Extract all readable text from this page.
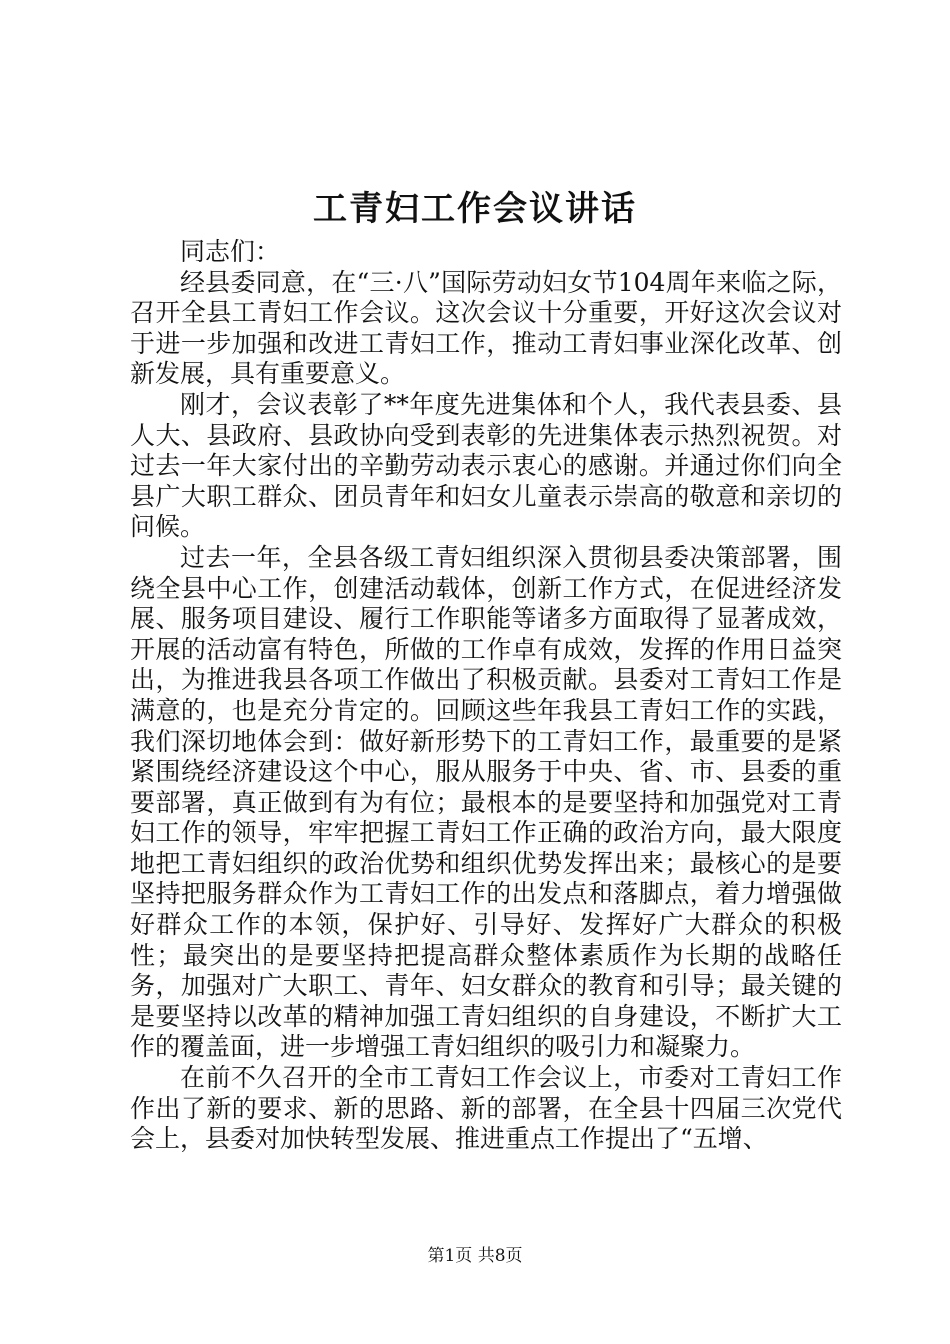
工青妇工作会议讲话

同志们：

经县委同意，在“三·八”国际劳动妇女节104周年来临之际，召开全县工青妇工作会议。这次会议十分重要，开好这次会议对于进一步加强和改进工青妇工作，推动工青妇事业深化改革、创新发展，具有重要意义。

刚才，会议表彰了**年度先进集体和个人，我代表县委、县人大、县政府、县政协向受到表彰的先进集体表示热烈祝贺。对过去一年大家付出的辛勤劳动表示衷心的感谢。并通过你们向全县广大职工群众、团员青年和妇女儿童表示崇高的敬意和亲切的问候。

过去一年，全县各级工青妇组织深入贯彻县委决策部署，围绕全县中心工作，创建活动载体，创新工作方式，在促进经济发展、服务项目建设、履行工作职能等诸多方面取得了显著成效，开展的活动富有特色，所做的工作卓有成效，发挥的作用日益突出，为推进我县各项工作做出了积极贡献。县委对工青妇工作是满意的，也是充分肯定的。回顾这些年我县工青妇工作的实践，我们深切地体会到：做好新形势下的工青妇工作，最重要的是紧紧围绕经济建设这个中心，服从服务于中央、省、市、县委的重要部署，真正做到有为有位；最根本的是要坚持和加强党对工青妇工作的领导，牢牢把握工青妇工作正确的政治方向，最大限度地把工青妇组织的政治优势和组织优势发挥出来；最核心的是要坚持把服务群众作为工青妇工作的出发点和落脚点，着力增强做好群众工作的本领，保护好、引导好、发挥好广大群众的积极性；最突出的是要坚持把提高群众整体素质作为长期的战略任务，加强对广大职工、青年、妇女群众的教育和引导；最关键的是要坚持以改革的精神加强工青妇组织的自身建设，不断扩大工作的覆盖面，进一步增强工青妇组织的吸引力和凝聚力。

在前不久召开的全市工青妇工作会议上，市委对工青妇工作作出了新的要求、新的思路、新的部署，在全县十四届三次党代会上，县委对加快转型发展、推进重点工作提出了“五增、

第1页 共8页
